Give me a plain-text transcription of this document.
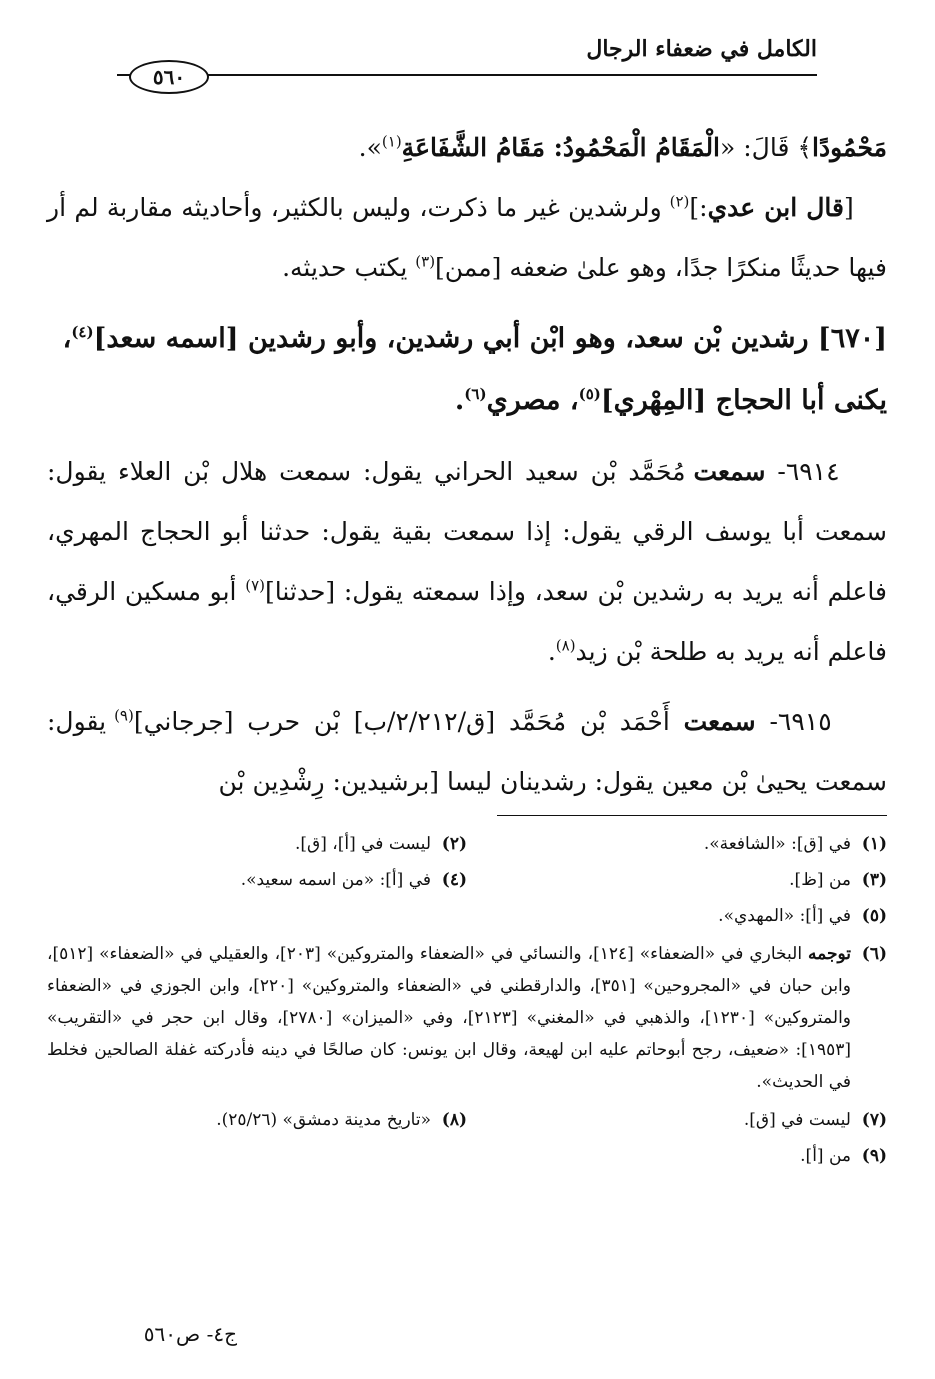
الكامل في ضعفاء الرجال
٥٦٠

مَحْمُودًا﴾ قَالَ: «الْمَقَامُ الْمَحْمُودُ: مَقَامُ الشَّفَاعَةِ$^{(١)}$».

[قال ابن عدي:]$^{(٢)}$ ولرشدين غير ما ذكرت، وليس بالكثير، وأحاديثه مقاربة لم أر فيها حديثًا منكرًا جدًا، وهو علىٰ ضعفه [ممن]$^{(٣)}$ يكتب حديثه.

[٦٧٠] رشدين بْن سعد، وهو ابْن أبي رشدين، وأبو رشدين [اسمه سعد]$^{(٤)}$، يكنى أبا الحجاج [المِهْري]$^{(٥)}$، مصري$^{(٦)}$.

٦٩١٤- سمعت مُحَمَّد بْن سعيد الحراني يقول: سمعت هلال بْن العلاء يقول: سمعت أبا يوسف الرقي يقول: إذا سمعت بقية يقول: حدثنا أبو الحجاج المهري، فاعلم أنه يريد به رشدين بْن سعد، وإذا سمعته يقول: [حدثنا]$^{(٧)}$ أبو مسكين الرقي، فاعلم أنه يريد به طلحة بْن زيد$^{(٨)}$.

٦٩١٥- سمعت أَحْمَد بْن مُحَمَّد [ق/٢/٢١٢/ب] بْن حرب [جرجاني]$^{(٩)}$ يقول: سمعت يحيىٰ بْن معين يقول: رشدينان ليسا [برشيدين: رِشْدِين بْن

(١)في [ق]: «الشافعة».
(٢)ليست في [أ]، [ق].
(٣)من [ظ].
(٤)في [أ]: «من اسمه سعيد».
(٥)في [أ]: «المهدي».
(٦)
توجمه البخاري في «الضعفاء» [١٢٤]، والنسائي في «الضعفاء والمتروكين» [٢٠٣]، والعقيلي في «الضعفاء» [٥١٢]، وابن حبان في «المجروحين» [٣٥١]، والدارقطني في «الضعفاء والمتروكين» [٢٢٠]، وابن الجوزي في «الضعفاء والمتروكين» [١٢٣٠]، والذهبي في «المغني» [٢١٢٣]، وفي «الميزان» [٢٧٨٠]، وقال ابن حجر في «التقريب» [١٩٥٣]: «ضعيف، رجح أبوحاتم عليه ابن لهيعة، وقال ابن يونس: كان صالحًا في دينه فأدركته غفلة الصالحين فخلط في الحديث».
(٧)ليست في [ق].
(٨)«تاريخ مدينة دمشق» (٢٥/٢٦).
(٩)من [أ].
ج٤- ص٥٦٠
